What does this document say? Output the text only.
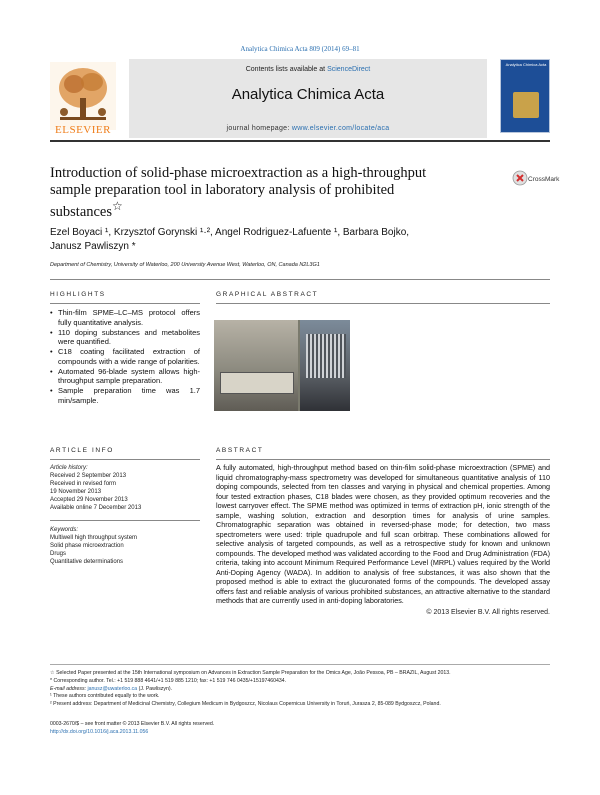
Analytica Chimica Acta 809 (2014) 69–81
Contents lists available at ScienceDirect
Analytica Chimica Acta
journal homepage: www.elsevier.com/locate/aca
ELSEVIER
Analytica Chimica Acta
Introduction of solid-phase microextraction as a high-throughput sample preparation tool in laboratory analysis of prohibited substances☆
CrossMark
Ezel Boyaci ¹, Krzysztof Gorynski ¹·², Angel Rodriguez-Lafuente ¹, Barbara Bojko,
Janusz Pawliszyn *
Department of Chemistry, University of Waterloo, 200 University Avenue West, Waterloo, ON, Canada N2L3G1
HIGHLIGHTS
• Thin-film SPME–LC–MS protocol offers fully quantitative analysis.
• 110 doping substances and metabolites were quantified.
• C18 coating facilitated extraction of compounds with a wide range of polarities.
• Automated 96-blade system allows high-throughput sample preparation.
• Sample preparation time was 1.7 min/sample.
GRAPHICAL ABSTRACT
ARTICLE INFO
Article history:
Received 2 September 2013
Received in revised form
19 November 2013
Accepted 29 November 2013
Available online 7 December 2013
Keywords:
Multiwell high throughput system
Solid phase microextraction
Drugs
Quantitative determinations
ABSTRACT
A fully automated, high-throughput method based on thin-film solid-phase microextraction (SPME) and liquid chromatography-mass spectrometry was developed for simultaneous quantitative analysis of 110 doping compounds, selected from ten classes and varying in physical and chemical properties. Among four tested extraction phases, C18 blades were chosen, as they provided optimum recoveries and the lowest carryover effect. The SPME method was optimized in terms of extraction pH, ionic strength of the sample, washing solution, extraction and desorption times for analysis of urine samples. Chromatographic separation was obtained in reversed-phase mode; for detection, two mass spectrometers were used: triple quadrupole and full scan orbitrap. These combinations allowed for selective analysis of targeted compounds, as well as a retrospective study for known and unknown compounds. The developed method was validated according to the Food and Drug Administration (FDA) criteria, taking into account Minimum Required Performance Level (MRPL) values required by the World Anti-Doping Agency (WADA). In addition to analysis of free substances, it was also shown that the proposed method is able to extract the glucuronated forms of the compounds. The developed assay offers fast and reliable analysis of various prohibited substances, an attractive alternative to the standard methods that are currently used in anti-doping laboratories.
© 2013 Elsevier B.V. All rights reserved.
☆ Selected Paper presented at the 15th International symposium on Advances in Extraction Sample Preparation for the Omics Age, João Pessoa, PB – BRAZIL, August 2013.
* Corresponding author. Tel.: +1 519 888 4641/+1 519 885 1210; fax: +1 519 746 0435/+15197460434.
E-mail address: janusz@uwaterloo.ca (J. Pawliszyn).
¹ These authors contributed equally to the work.
² Present address: Department of Medicinal Chemistry, Collegium Medicum in Bydgoszcz, Nicolaus Copernicus University in Toruń, Jurasza 2, 85-089 Bydgoszcz, Poland.
0003-2670/$ – see front matter © 2013 Elsevier B.V. All rights reserved.
http://dx.doi.org/10.1016/j.aca.2013.11.056
